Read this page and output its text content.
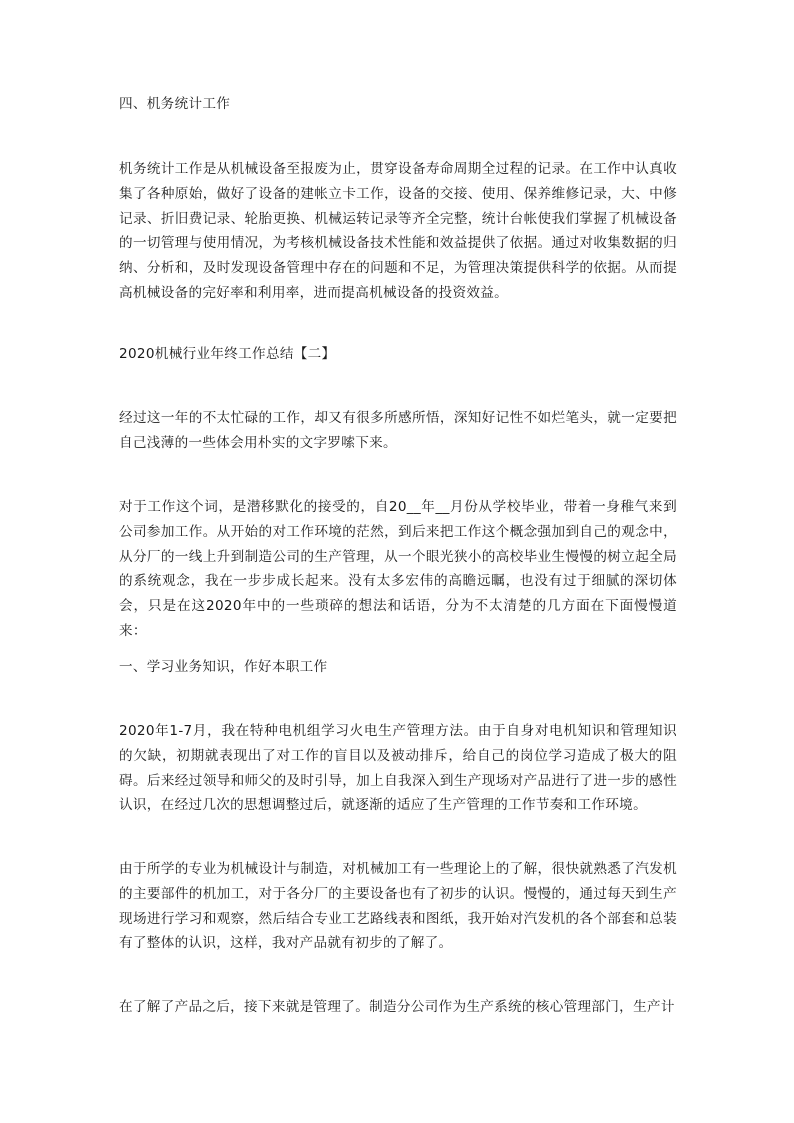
四、机务统计工作

机务统计工作是从机械设备至报废为止，贯穿设备寿命周期全过程的记录。在工作中认真收集了各种原始，做好了设备的建帐立卡工作，设备的交接、使用、保养维修记录，大、中修记录、折旧费记录、轮胎更换、机械运转记录等齐全完整，统计台帐使我们掌握了机械设备的一切管理与使用情况，为考核机械设备技术性能和效益提供了依据。通过对收集数据的归纳、分析和，及时发现设备管理中存在的问题和不足，为管理决策提供科学的依据。从而提高机械设备的完好率和利用率，进而提高机械设备的投资效益。

2020机械行业年终工作总结【二】

经过这一年的不太忙碌的工作，却又有很多所感所悟，深知好记性不如烂笔头，就一定要把自己浅薄的一些体会用朴实的文字罗嗦下来。

对于工作这个词，是潜移默化的接受的，自20__年__月份从学校毕业，带着一身稚气来到公司参加工作。从开始的对工作环境的茫然，到后来把工作这个概念强加到自己的观念中，从分厂的一线上升到制造公司的生产管理，从一个眼光狭小的高校毕业生慢慢的树立起全局的系统观念，我在一步步成长起来。没有太多宏伟的高瞻远瞩，也没有过于细腻的深切体会，只是在这2020年中的一些琐碎的想法和话语，分为不太清楚的几方面在下面慢慢道来：

一、学习业务知识，作好本职工作

2020年1-7月，我在特种电机组学习火电生产管理方法。由于自身对电机知识和管理知识的欠缺，初期就表现出了对工作的盲目以及被动排斥，给自己的岗位学习造成了极大的阻碍。后来经过领导和师父的及时引导，加上自我深入到生产现场对产品进行了进一步的感性认识，在经过几次的思想调整过后，就逐渐的适应了生产管理的工作节奏和工作环境。

由于所学的专业为机械设计与制造，对机械加工有一些理论上的了解，很快就熟悉了汽发机的主要部件的机加工，对于各分厂的主要设备也有了初步的认识。慢慢的，通过每天到生产现场进行学习和观察，然后结合专业工艺路线表和图纸，我开始对汽发机的各个部套和总装有了整体的认识，这样，我对产品就有初步的了解了。

在了解了产品之后，接下来就是管理了。制造分公司作为生产系统的核心管理部门，生产计
